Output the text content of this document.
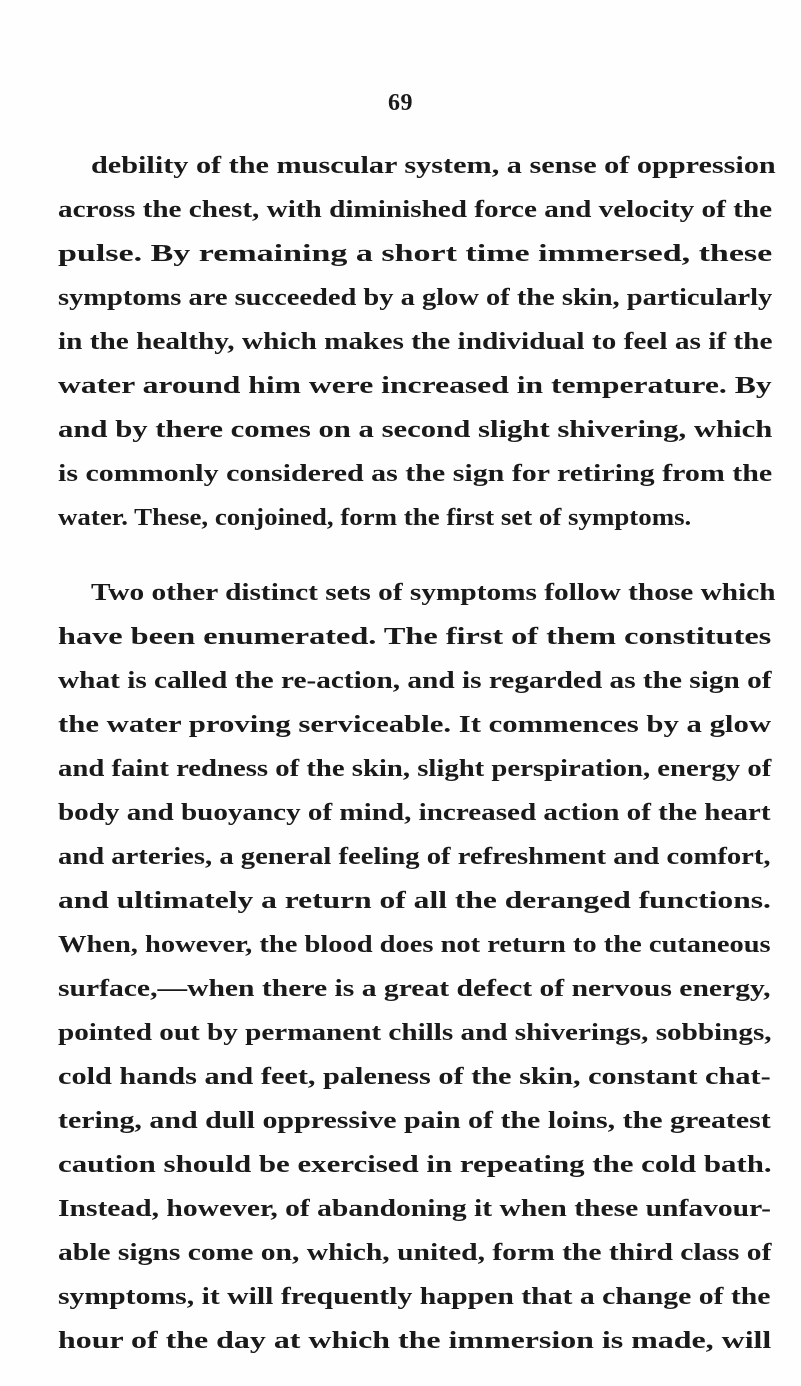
69
debility of the muscular system, a sense of oppression
across the chest, with diminished force and velocity of the
pulse. By remaining a short time immersed, these
symptoms are succeeded by a glow of the skin, particularly
in the healthy, which makes the individual to feel as if the
water around him were increased in temperature. By
and by there comes on a second slight shivering, which
is commonly considered as the sign for retiring from the
water. These, conjoined, form the first set of symptoms.
Two other distinct sets of symptoms follow those which
have been enumerated. The first of them constitutes
what is called the re-action, and is regarded as the sign of
the water proving serviceable. It commences by a glow
and faint redness of the skin, slight perspiration, energy of
body and buoyancy of mind, increased action of the heart
and arteries, a general feeling of refreshment and comfort,
and ultimately a return of all the deranged functions.
When, however, the blood does not return to the cutaneous
surface,—when there is a great defect of nervous energy,
pointed out by permanent chills and shiverings, sobbings,
cold hands and feet, paleness of the skin, constant chat-
tering, and dull oppressive pain of the loins, the greatest
caution should be exercised in repeating the cold bath.
Instead, however, of abandoning it when these unfavour-
able signs come on, which, united, form the third class of
symptoms, it will frequently happen that a change of the
hour of the day at which the immersion is made, will
